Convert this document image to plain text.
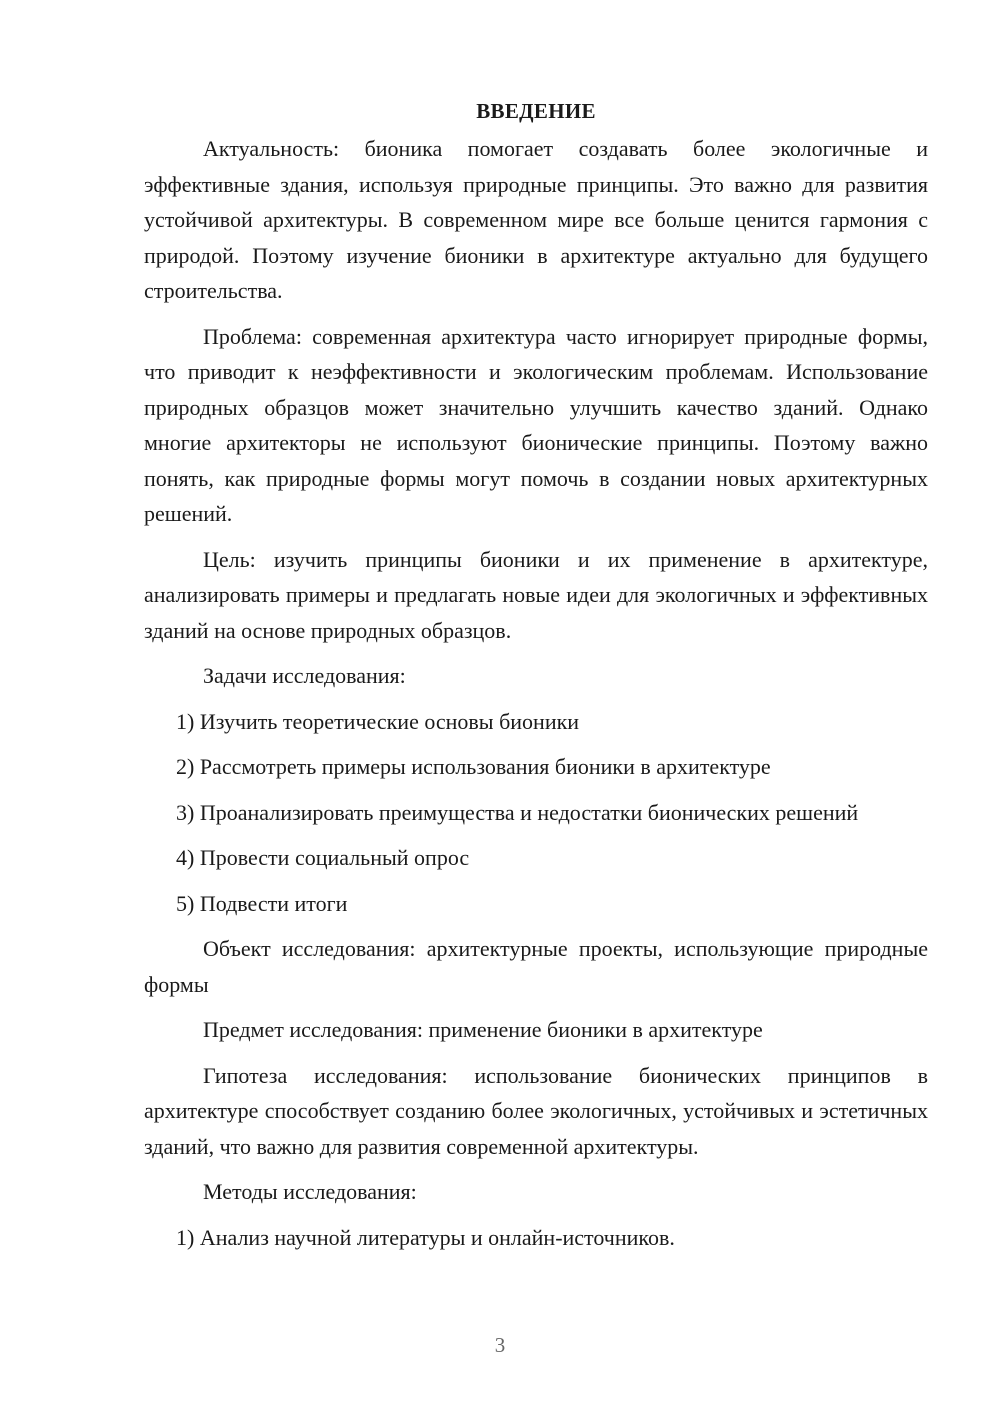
ВВЕДЕНИЕ
Актуальность: бионика помогает создавать более экологичные и эффективные здания, используя природные принципы. Это важно для развития устойчивой архитектуры. В современном мире все больше ценится гармония с природой. Поэтому изучение бионики в архитектуре актуально для будущего строительства.
Проблема: современная архитектура часто игнорирует природные формы, что приводит к неэффективности и экологическим проблемам. Использование природных образцов может значительно улучшить качество зданий. Однако многие архитекторы не используют бионические принципы. Поэтому важно понять, как природные формы могут помочь в создании новых архитектурных решений.
Цель: изучить принципы бионики и их применение в архитектуре, анализировать примеры и предлагать новые идеи для экологичных и эффективных зданий на основе природных образцов.
Задачи исследования:
1) Изучить теоретические основы бионики
2) Рассмотреть примеры использования бионики в архитектуре
3) Проанализировать преимущества и недостатки бионических решений
4) Провести социальный опрос
5) Подвести итоги
Объект исследования: архитектурные проекты, использующие природные формы
Предмет исследования: применение бионики в архитектуре
Гипотеза исследования: использование бионических принципов в архитектуре способствует созданию более экологичных, устойчивых и эстетичных зданий, что важно для развития современной архитектуры.
Методы исследования:
1) Анализ научной литературы и онлайн-источников.
3
